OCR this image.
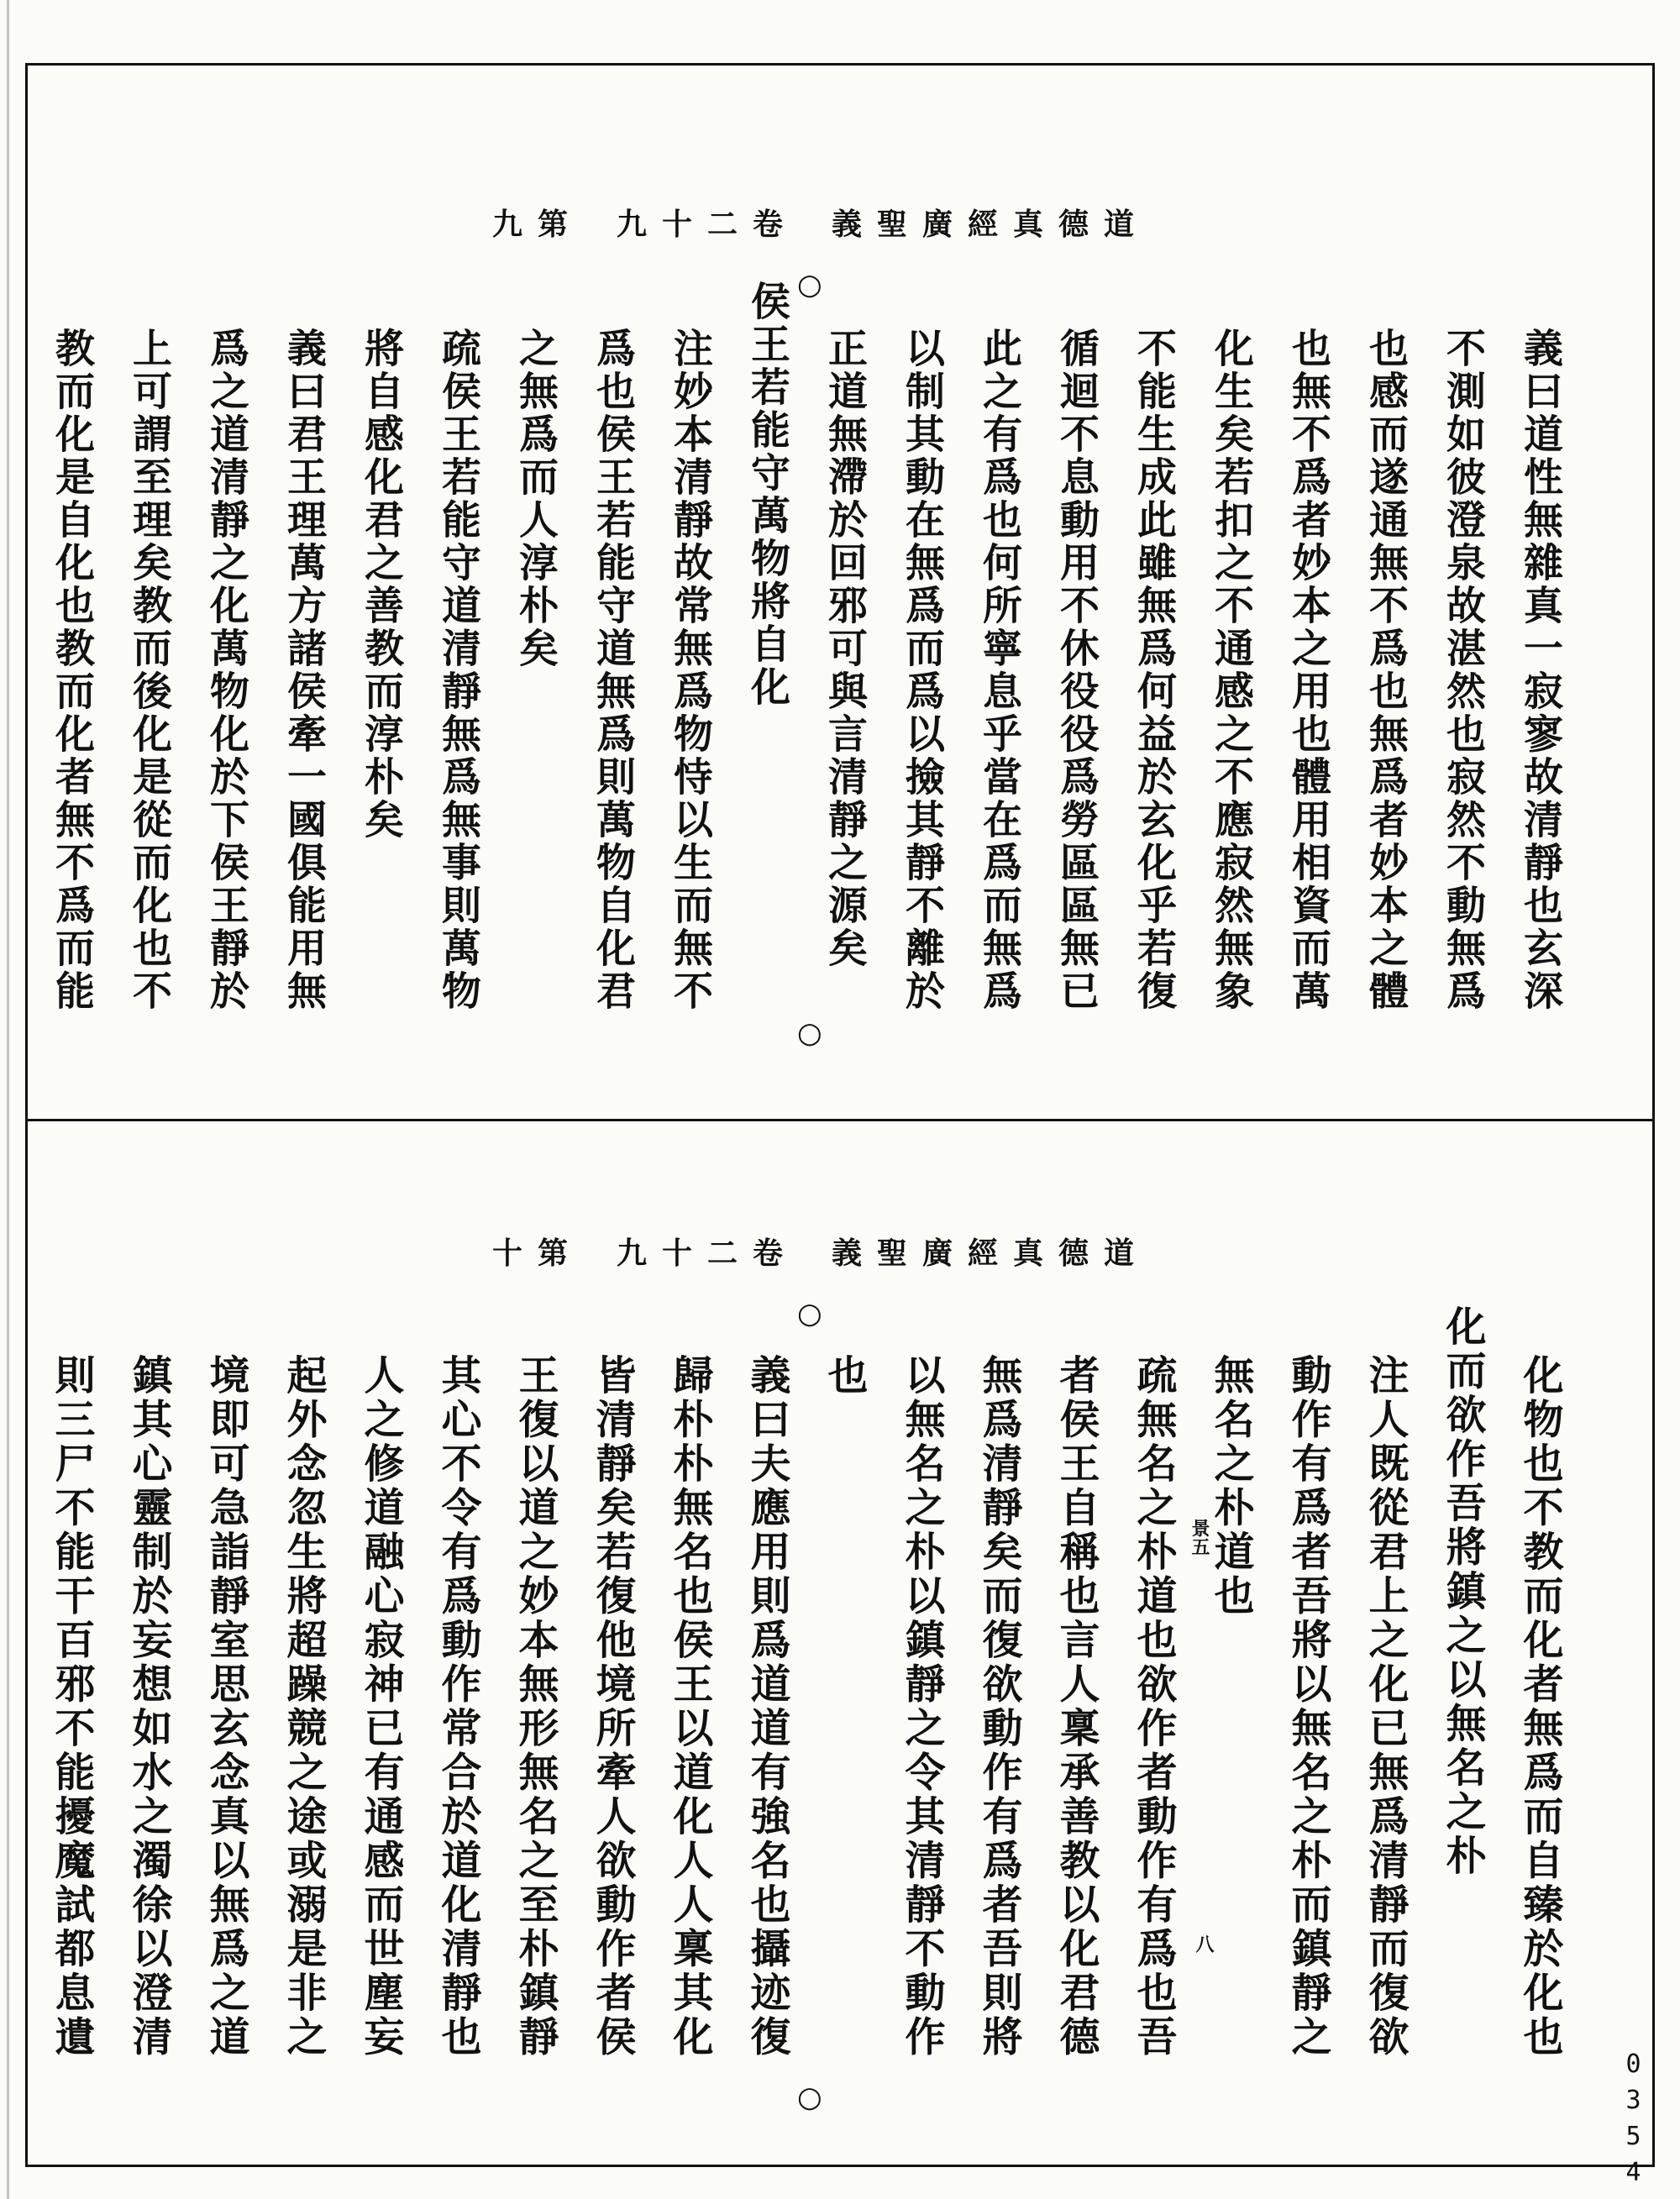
道德真經廣聖義
卷二十九
第九
義曰道性無雜真一寂寥故清靜也玄深
不測如彼澄泉故湛然也寂然不動無爲
也感而遂通無不爲也無爲者妙本之體
也無不爲者妙本之用也體用相資而萬
化生矣若扣之不通感之不應寂然無象
不能生成此雖無爲何益於玄化乎若復
循迴不息動用不休役役爲勞區區無已
此之有爲也何所寧息乎當在爲而無爲
以制其動在無爲而爲以撿其靜不離於
正道無滯於回邪可與言清靜之源矣
侯王若能守萬物將自化
注妙本清靜故常無爲物恃以生而無不
爲也侯王若能守道無爲則萬物自化君
之無爲而人淳朴矣
疏侯王若能守道清靜無爲無事則萬物
將自感化君之善教而淳朴矣
義曰君王理萬方諸侯牽一國俱能用無
爲之道清靜之化萬物化於下侯王靜於
上可謂至理矣教而後化是從而化也不
教而化是自化也教而化者無不爲而能
○
○
道德真經廣聖義
卷二十九
第十
化物也不教而化者無爲而自臻於化也
化而欲作吾將鎮之以無名之朴
注人既從君上之化已無爲清靜而復欲
動作有爲者吾將以無名之朴而鎮靜之
無名之朴道也
疏無名之朴道也欲作者動作有爲也吾
者侯王自稱也言人稟承善教以化君德
無爲清靜矣而復欲動作有爲者吾則將
以無名之朴以鎮靜之令其清靜不動作
也
義曰夫應用則爲道道有強名也攝迹復
歸朴朴無名也侯王以道化人人稟其化
皆清靜矣若復他境所牽人欲動作者侯
王復以道之妙本無形無名之至朴鎮靜
其心不令有爲動作常合於道化清靜也
人之修道融心寂神已有通感而世塵妄
起外念忽生將超躁競之途或溺是非之
境即可急詣靜室思玄念真以無爲之道
鎮其心靈制於妄想如水之濁徐以澄清
則三尸不能干百邪不能擾魔試都息遺
○
○
景五
八
0354
